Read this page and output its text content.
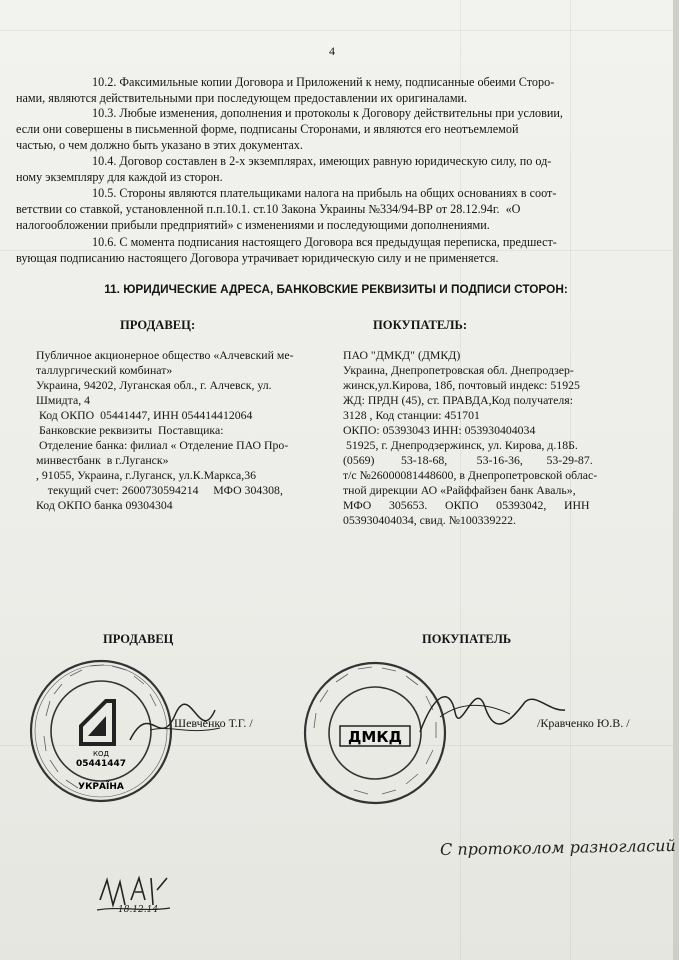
4
10.2. Факсимильные копии Договора и Приложений к нему, подписанные обеими Сторо-
нами, являются действительными при последующем предоставлении их оригиналами.
10.3. Любые изменения, дополнения и протоколы к Договору действительны при условии,
если они совершены в письменной форме, подписаны Сторонами, и являются его неотъемлемой
частью, о чем должно быть указано в этих документах.
10.4. Договор составлен в 2-х экземплярах, имеющих равную юридическую силу, по од-
ному экземпляру для каждой из сторон.
10.5. Стороны являются плательщиками налога на прибыль на общих основаниях в соот-
ветствии со ставкой, установленной п.п.10.1. ст.10 Закона Украины №334/94-ВР от 28.12.94г.  «О
налогообложении прибыли предприятий» с изменениями и последующими дополнениями.
10.6. С момента подписания настоящего Договора вся предыдущая переписка, предшест-
вующая подписанию настоящего Договора утрачивает юридическую силу и не применяется.
11. ЮРИДИЧЕСКИЕ АДРЕСА, БАНКОВСКИЕ РЕКВИЗИТЫ И ПОДПИСИ СТОРОН:
ПРОДАВЕЦ:	ПОКУПАТЕЛЬ:
Публичное акционерное общество «Алчевский ме-
таллургический комбинат»
Украина, 94202, Луганская обл., г. Алчевск, ул.
Шмидта, 4
Код ОКПО  05441447, ИНН 054414412064
Банковские реквизиты  Поставщика:
Отделение банка: филиал « Отделение ПАО Про-
минвестбанк  в г.Луганск»
, 91055, Украина, г.Луганск, ул.К.Маркса,36
текущий счет: 2600730594214     МФО 304308,
Код ОКПО банка 09304304
ПАО "ДМКД" (ДМКД)
Украина, Днепропетровская обл. Днепродзер-
жинск,ул.Кирова, 18б, почтовый индекс: 51925
ЖД: ПРДН (45), ст. ПРАВДА,Код получателя:
3128 , Код станции: 451701
ОКПО: 05393043 ИНН: 053930404034
51925, г. Днепродзержинск, ул. Кирова, д.18Б.
(0569)         53-18-68,          53-16-36,        53-29-87.
т/с №26000081448600, в Днепропетровской облас-
тной дирекции АО «Райффайзен банк Аваль»,
МФО      305653.      ОКПО      05393042,      ИНН
053930404034, свид. №100339222.
ПРОДАВЕЦ	ПОКУПАТЕЛЬ
КОД
05441447
УКРАЇНА
Шевченко Т.Г. /
ДМКД
/Кравченко Ю.В. /
С протоколом разногласий
18.12.14
